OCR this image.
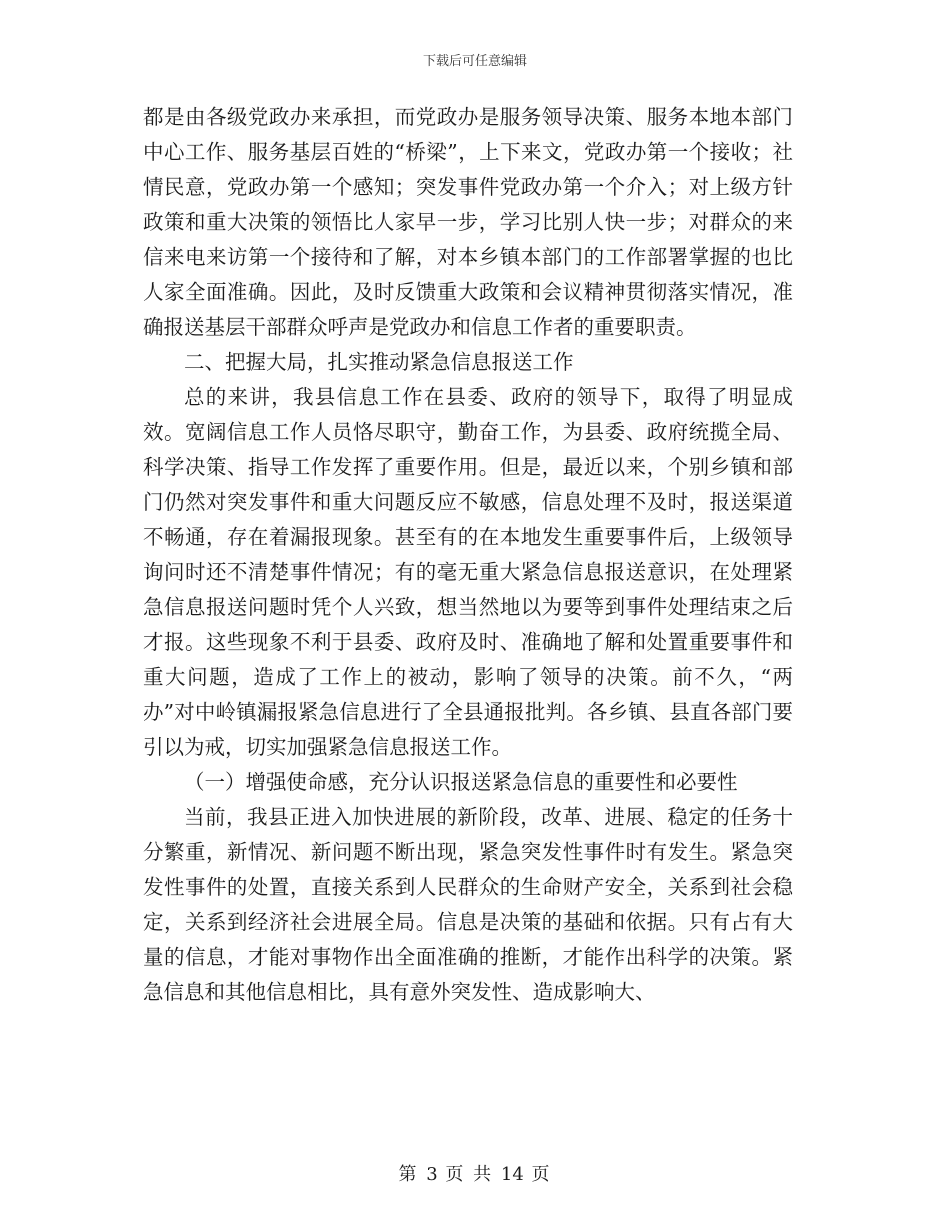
下载后可任意编辑

都是由各级党政办来承担，而党政办是服务领导决策、服务本地本部门中心工作、服务基层百姓的“桥梁”，上下来文，党政办第一个接收；社情民意，党政办第一个感知；突发事件党政办第一个介入；对上级方针政策和重大决策的领悟比人家早一步，学习比别人快一步；对群众的来信来电来访第一个接待和了解，对本乡镇本部门的工作部署掌握的也比人家全面准确。因此，及时反馈重大政策和会议精神贯彻落实情况，准确报送基层干部群众呼声是党政办和信息工作者的重要职责。

二、把握大局，扎实推动紧急信息报送工作

总的来讲，我县信息工作在县委、政府的领导下，取得了明显成效。宽阔信息工作人员恪尽职守，勤奋工作，为县委、政府统揽全局、科学决策、指导工作发挥了重要作用。但是，最近以来，个别乡镇和部门仍然对突发事件和重大问题反应不敏感，信息处理不及时，报送渠道不畅通，存在着漏报现象。甚至有的在本地发生重要事件后，上级领导询问时还不清楚事件情况；有的毫无重大紧急信息报送意识，在处理紧急信息报送问题时凭个人兴致，想当然地以为要等到事件处理结束之后才报。这些现象不利于县委、政府及时、准确地了解和处置重要事件和重大问题，造成了工作上的被动，影响了领导的决策。前不久，“两办”对中岭镇漏报紧急信息进行了全县通报批判。各乡镇、县直各部门要引以为戒，切实加强紧急信息报送工作。

（一）增强使命感，充分认识报送紧急信息的重要性和必要性

当前，我县正进入加快进展的新阶段，改革、进展、稳定的任务十分繁重，新情况、新问题不断出现，紧急突发性事件时有发生。紧急突发性事件的处置，直接关系到人民群众的生命财产安全，关系到社会稳定，关系到经济社会进展全局。信息是决策的基础和依据。只有占有大量的信息，才能对事物作出全面准确的推断，才能作出科学的决策。紧急信息和其他信息相比，具有意外突发性、造成影响大、

第 3 页 共 14 页
